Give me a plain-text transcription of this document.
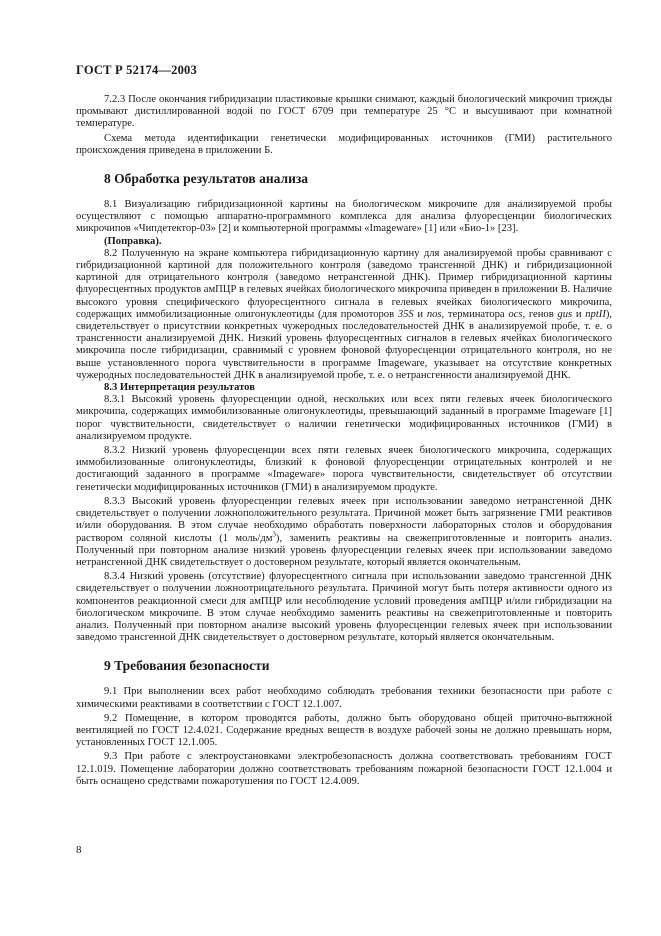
ГОСТ Р 52174—2003

7.2.3 После окончания гибридизации пластиковые крышки снимают, каждый биологический микрочип трижды промывают дистиллированной водой по ГОСТ 6709 при температуре 25 °С и высушивают при комнатной температуре.

Схема метода идентификации генетически модифицированных источников (ГМИ) растительного происхождения приведена в приложении Б.

8 Обработка результатов анализа

8.1 Визуализацию гибридизационной картины на биологическом микрочипе для анализируемой пробы осуществляют с помощью аппаратно-программного комплекса для анализа флуоресценции биологических микрочипов «Чипдетектор-03» [2] и компьютерной программы «Imageware» [1] или «Био-1» [23].

(Поправка).

8.2 Полученную на экране компьютера гибридизационную картину для анализируемой пробы сравнивают с гибридизационной картиной для положительного контроля (заведомо трансгенной ДНК) и гибридизационной картиной для отрицательного контроля (заведомо нетрансгенной ДНК). Пример гибридизационной картины флуоресцентных продуктов амПЦР в гелевых ячейках биологического микрочипа приведен в приложении В. Наличие высокого уровня специфического флуоресцентного сигнала в гелевых ячейках биологического микрочипа, содержащих иммобилизационные олигонуклеотиды (для промоторов 35S и nos, терминатора ocs, генов gus и nptII), свидетельствует о присутствии конкретных чужеродных последовательностей ДНК в анализируемой пробе, т. е. о трансгенности анализируемой ДНК. Низкий уровень флуоресцентных сигналов в гелевых ячейках биологического микрочипа после гибридизации, сравнимый с уровнем фоновой флуоресценции отрицательного контроля, но не выше установленного порога чувствительности в программе Imageware, указывает на отсутствие конкретных чужеродных последовательностей ДНК в анализируемой пробе, т. е. о нетрансгенности анализируемой ДНК.

8.3 Интерпретация результатов

8.3.1 Высокий уровень флуоресценции одной, нескольких или всех пяти гелевых ячеек биологического микрочипа, содержащих иммобилизованные олигонуклеотиды, превышающий заданный в программе Imageware [1] порог чувствительности, свидетельствует о наличии генетически модифицированных источников (ГМИ) в анализируемом продукте.

8.3.2 Низкий уровень флуоресценции всех пяти гелевых ячеек биологического микрочипа, содержащих иммобилизованные олигонуклеотиды, близкий к фоновой флуоресценции отрицательных контролей и не достигающий заданного в программе «Imageware» порога чувствительности, свидетельствует об отсутствии генетически модифицированных источников (ГМИ) в анализируемом продукте.

8.3.3 Высокий уровень флуоресценции гелевых ячеек при использовании заведомо нетрансгенной ДНК свидетельствует о получении ложноположительного результата. Причиной может быть загрязнение ГМИ реактивов и/или оборудования. В этом случае необходимо обработать поверхности лабораторных столов и оборудования раствором соляной кислоты (1 моль/$дм^3$), заменить реактивы на свежеприготовленные и повторить анализ. Полученный при повторном анализе низкий уровень флуоресценции гелевых ячеек при использовании заведомо нетрансгенной ДНК свидетельствует о достоверном результате, который является окончательным.

8.3.4 Низкий уровень (отсутствие) флуоресцентного сигнала при использовании заведомо трансгенной ДНК свидетельствует о получении ложноотрицательного результата. Причиной могут быть потеря активности одного из компонентов реакционной смеси для амПЦР или несоблюдение условий проведения амПЦР и/или гибридизации на биологическом микрочипе. В этом случае необходимо заменить реактивы на свежеприготовленные и повторить анализ. Полученный при повторном анализе высокий уровень флуоресценции гелевых ячеек при использовании заведомо трансгенной ДНК свидетельствует о достоверном результате, который является окончательным.

9 Требования безопасности

9.1 При выполнении всех работ необходимо соблюдать требования техники безопасности при работе с химическими реактивами в соответствии с ГОСТ 12.1.007.

9.2 Помещение, в котором проводятся работы, должно быть оборудовано общей приточно-вытяжной вентиляцией по ГОСТ 12.4.021. Содержание вредных веществ в воздухе рабочей зоны не должно превышать норм, установленных ГОСТ 12.1.005.

9.3 При работе с электроустановками электробезопасность должна соответствовать требованиям ГОСТ 12.1.019. Помещение лаборатории должно соответствовать требованиям пожарной безопасности ГОСТ 12.1.004 и быть оснащено средствами пожаротушения по ГОСТ 12.4.009.

8
